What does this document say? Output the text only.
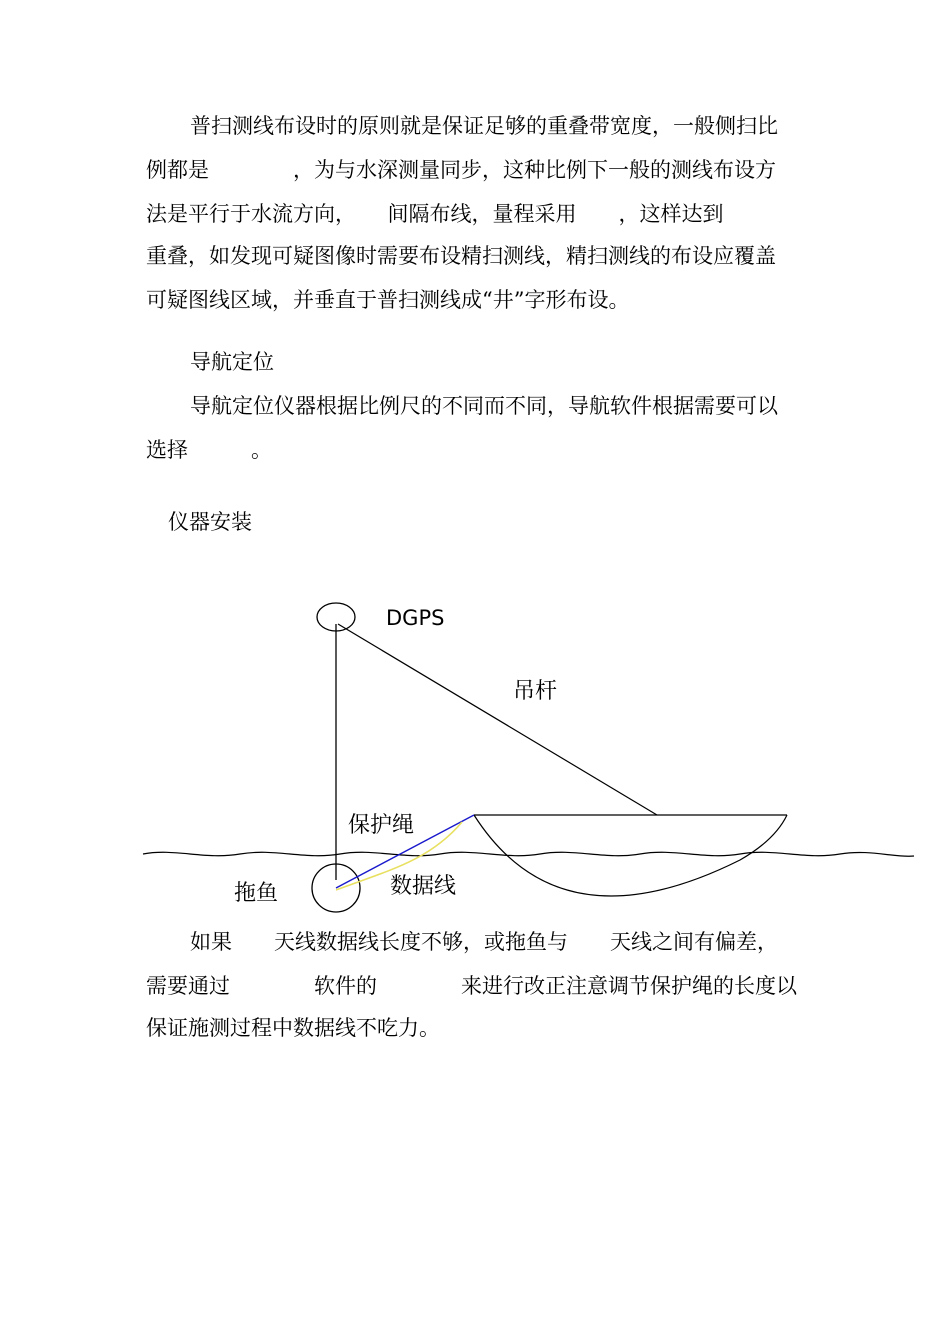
普扫测线布设时的原则就是保证足够的重叠带宽度，一般侧扫比
例都是　　　　，为与水深测量同步，这种比例下一般的测线布设方
法是平行于水流方向，　　间隔布线，量程采用　　，这样达到
重叠，如发现可疑图像时需要布设精扫测线，精扫测线的布设应覆盖
可疑图线区域，并垂直于普扫测线成“井”字形布设。
导航定位
导航定位仪器根据比例尺的不同而不同，导航软件根据需要可以
选择　　　。
仪器安装
DGPS
吊杆
保护绳
数据线
拖鱼
如果　　天线数据线长度不够，或拖鱼与　　天线之间有偏差，
需要通过　　　　软件的　　　　来进行改正注意调节保护绳的长度以
保证施测过程中数据线不吃力。
